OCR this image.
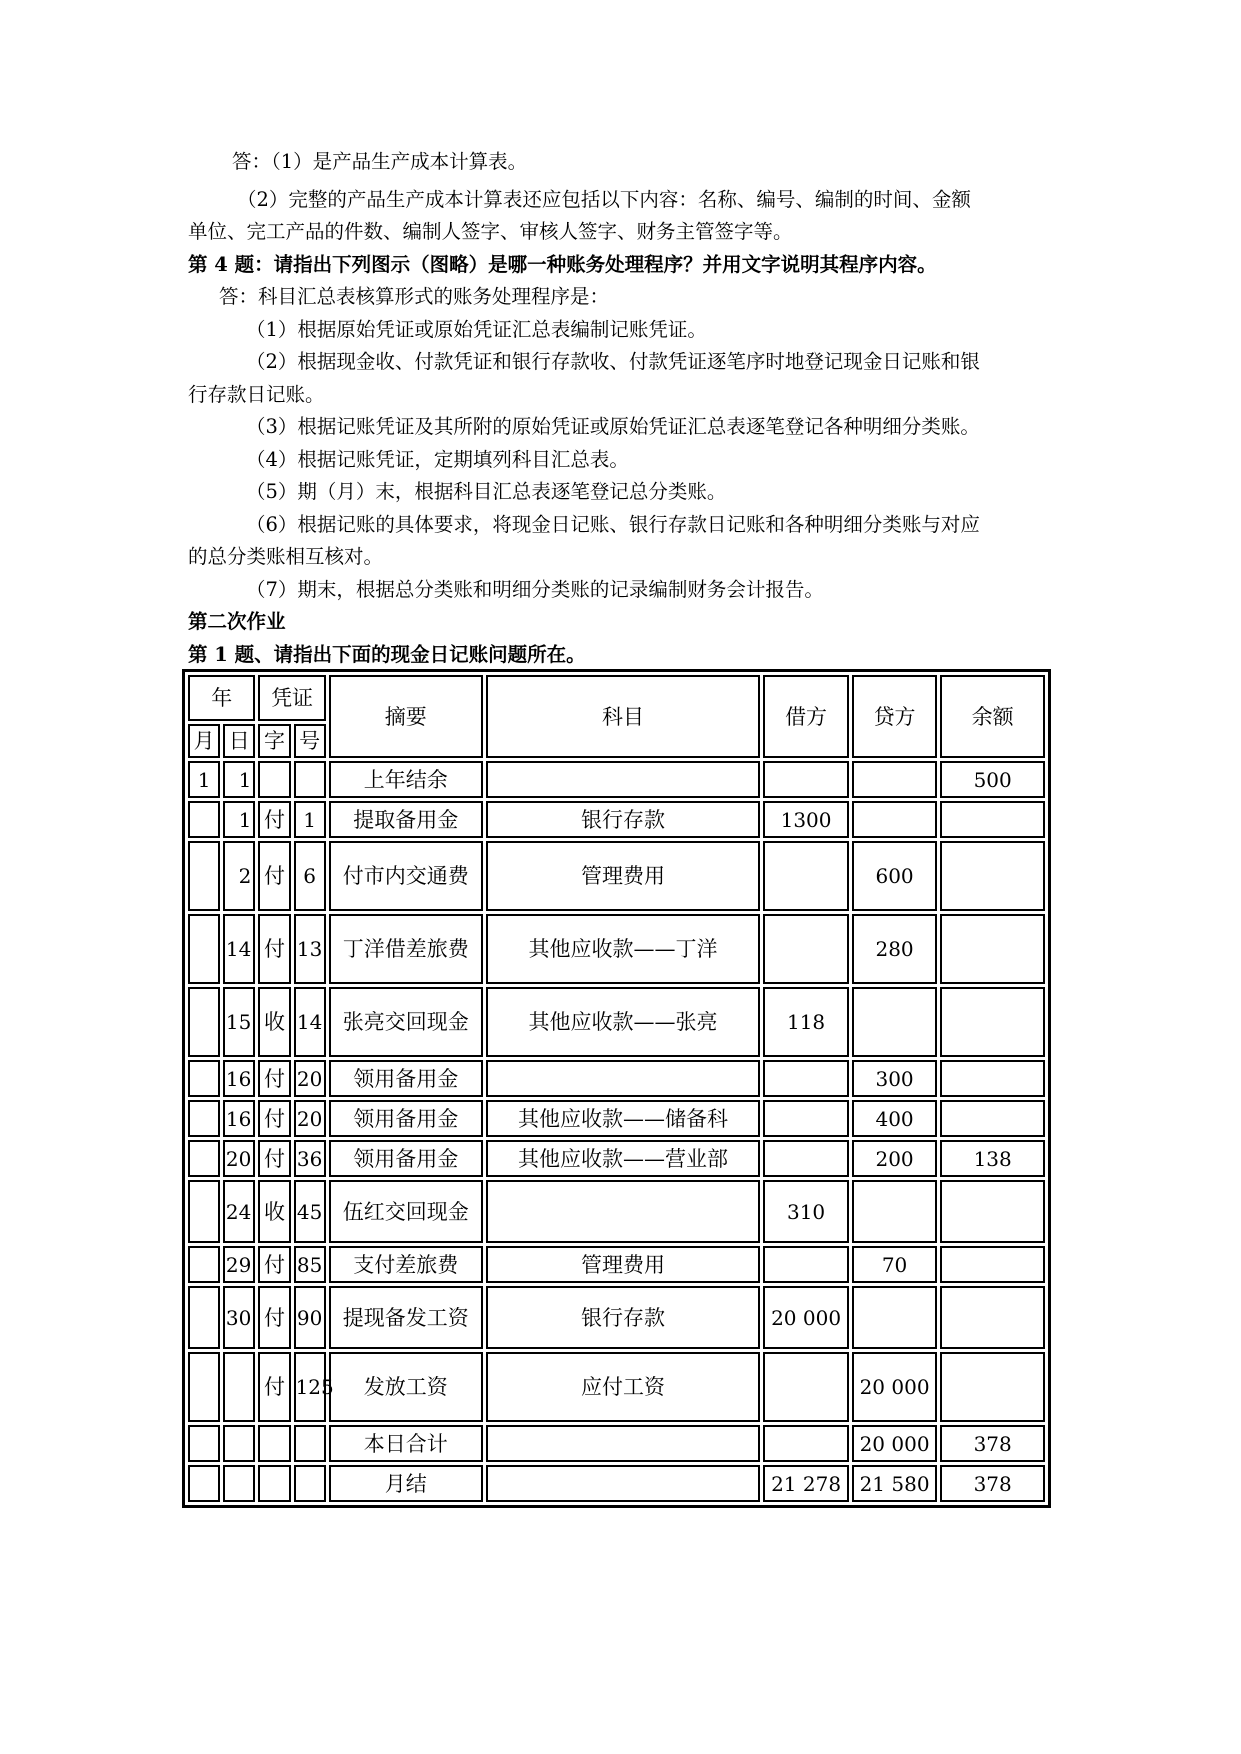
答：（1）是产品生产成本计算表。
（2）完整的产品生产成本计算表还应包括以下内容：名称、编号、编制的时间、金额
单位、完工产品的件数、编制人签字、审核人签字、财务主管签字等。
第 4 题：请指出下列图示（图略）是哪一种账务处理程序？并用文字说明其程序内容。
答：科目汇总表核算形式的账务处理程序是：
（1）根据原始凭证或原始凭证汇总表编制记账凭证。
（2）根据现金收、付款凭证和银行存款收、付款凭证逐笔序时地登记现金日记账和银
行存款日记账。
（3）根据记账凭证及其所附的原始凭证或原始凭证汇总表逐笔登记各种明细分类账。
（4）根据记账凭证，定期填列科目汇总表。
（5）期（月）末，根据科目汇总表逐笔登记总分类账。
（6）根据记账的具体要求，将现金日记账、银行存款日记账和各种明细分类账与对应
的总分类账相互核对。
（7）期末，根据总分类账和明细分类账的记录编制财务会计报告。
第二次作业
第 1 题、请指出下面的现金日记账问题所在。
年		凭证		摘要	科目	借方	贷方	余额
月	日	字	号					
1	1			上年结余				500
	1	付	1	提取备用金	银行存款	1300		
	2	付	6	付市内交通费	管理费用		600	
	14	付	13	丁洋借差旅费	其他应收款——丁洋		280	
	15	收	14	张亮交回现金	其他应收款——张亮	118		
	16	付	20	领用备用金			300	
	16	付	20	领用备用金	其他应收款——储备科		400	
	20	付	36	领用备用金	其他应收款——营业部		200	138
	24	收	45	伍红交回现金		310		
	29	付	85	支付差旅费	管理费用		70	
	30	付	90	提现备发工资	银行存款	20 000		
		付	125	发放工资	应付工资		20 000	
				本日合计			20 000	378
				月结		21 278	21 580	378
